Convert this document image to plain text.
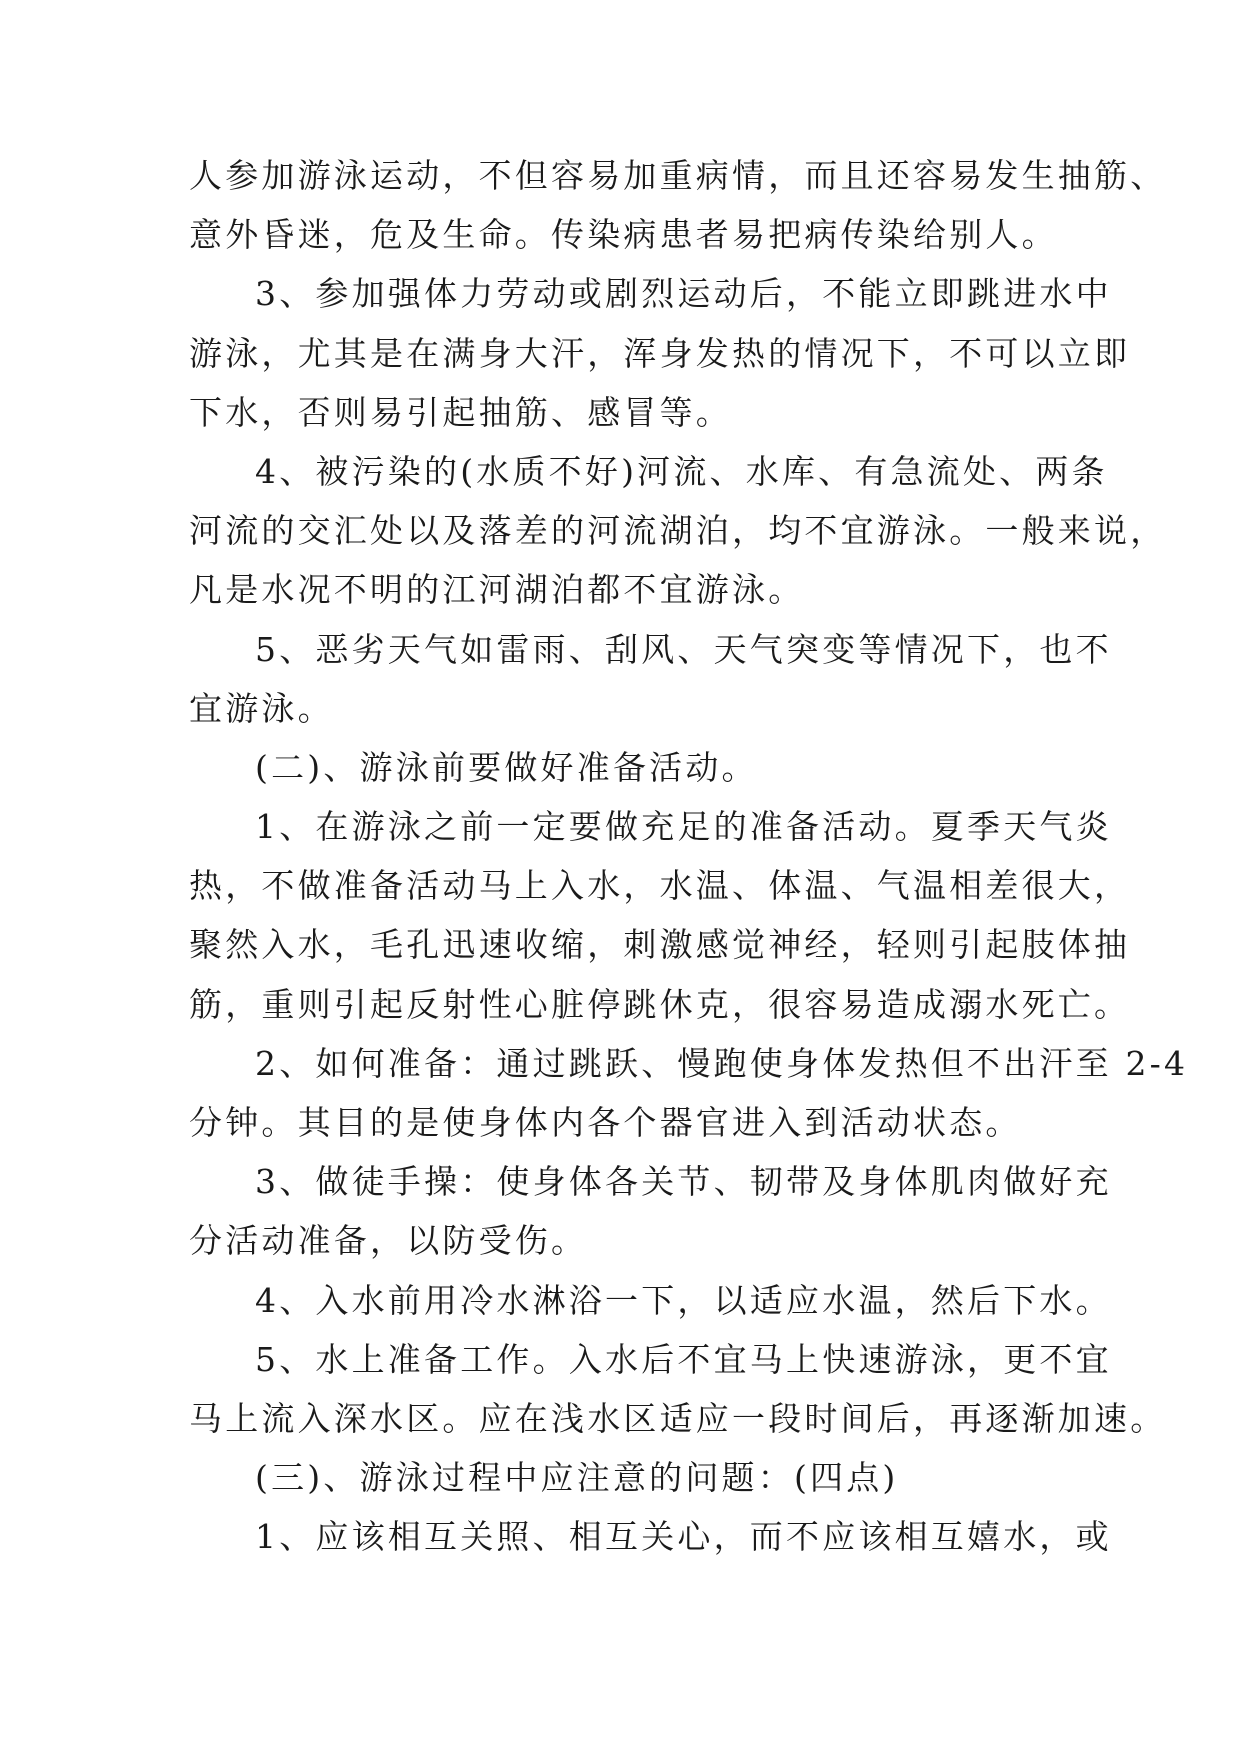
人参加游泳运动，不但容易加重病情，而且还容易发生抽筋、
意外昏迷，危及生命。传染病患者易把病传染给别人。
3、参加强体力劳动或剧烈运动后，不能立即跳进水中
游泳，尤其是在满身大汗，浑身发热的情况下，不可以立即
下水，否则易引起抽筋、感冒等。
4、被污染的(水质不好)河流、水库、有急流处、两条
河流的交汇处以及落差的河流湖泊，均不宜游泳。一般来说，
凡是水况不明的江河湖泊都不宜游泳。
5、恶劣天气如雷雨、刮风、天气突变等情况下，也不
宜游泳。
(二)、游泳前要做好准备活动。
1、在游泳之前一定要做充足的准备活动。夏季天气炎
热，不做准备活动马上入水，水温、体温、气温相差很大，
聚然入水，毛孔迅速收缩，刺激感觉神经，轻则引起肢体抽
筋，重则引起反射性心脏停跳休克，很容易造成溺水死亡。
2、如何准备：通过跳跃、慢跑使身体发热但不出汗至 2-4
分钟。其目的是使身体内各个器官进入到活动状态。
3、做徒手操：使身体各关节、韧带及身体肌肉做好充
分活动准备，以防受伤。
4、入水前用冷水淋浴一下，以适应水温，然后下水。
5、水上准备工作。入水后不宜马上快速游泳，更不宜
马上流入深水区。应在浅水区适应一段时间后，再逐渐加速。
(三)、游泳过程中应注意的问题：(四点)
1、应该相互关照、相互关心，而不应该相互嬉水，或
